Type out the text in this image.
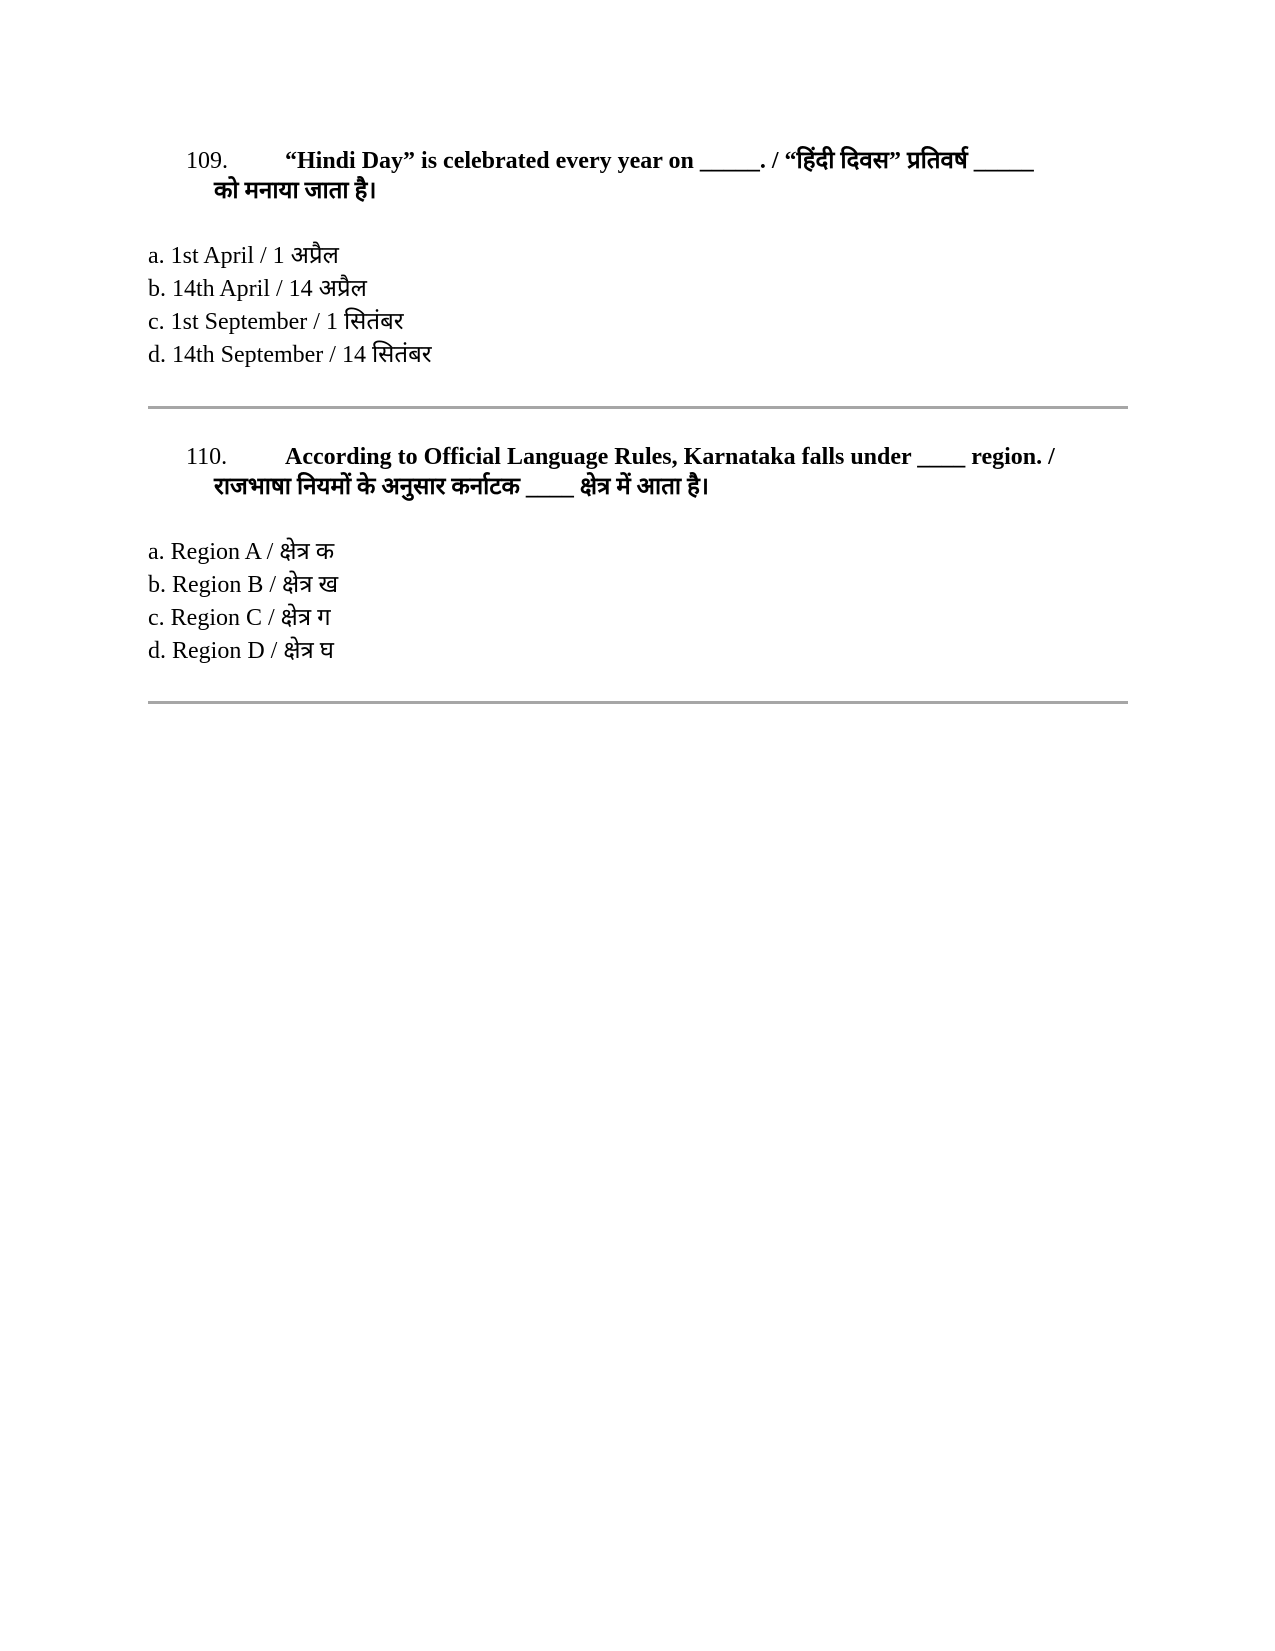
109.	“Hindi Day” is celebrated every year on _____. / “हिंदी दिवस” प्रतिवर्ष _____
को मनाया जाता है।
a. 1st April / 1 अप्रैल
b. 14th April / 14 अप्रैल
c. 1st September / 1 सितंबर
d. 14th September / 14 सितंबर
110.	According to Official Language Rules, Karnataka falls under ____ region. /
राजभाषा नियमों के अनुसार कर्नाटक ____ क्षेत्र में आता है।
a. Region A / क्षेत्र क
b. Region B / क्षेत्र ख
c. Region C / क्षेत्र ग
d. Region D / क्षेत्र घ
